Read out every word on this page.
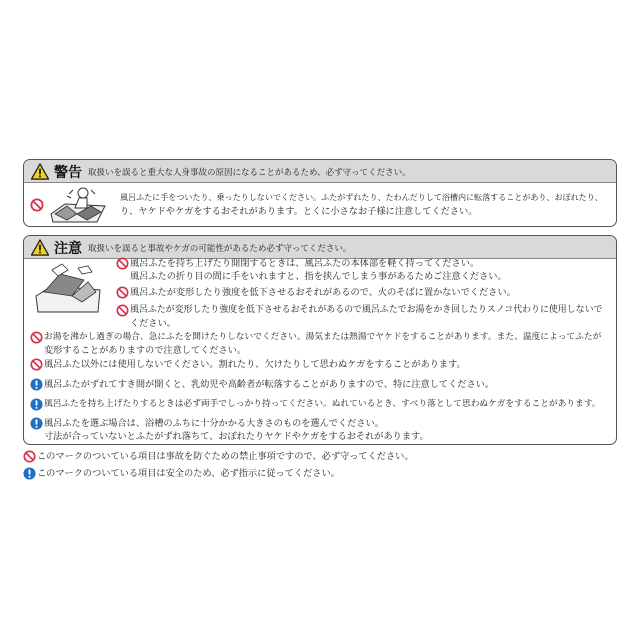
警告 取扱いを誤ると重大な人身事故の原因になることがあるため、必ず守ってください。
風呂ふたに手をついたり、乗ったりしないでください。ふたがずれたり、たわんだりして浴槽内に転落することがあり、おぼれたり、
り、ヤケドやケガをするおそれがあります。とくに小さなお子様に注意してください。
注意 取扱いを誤ると事故やケガの可能性があるため必ず守ってください。
風呂ふたを持ち上げたり開閉するときは、風呂ふたの本体部を軽く持ってください。
風呂ふたの折り目の間に手をいれますと、指を挟んでしまう事があるためご注意ください。
風呂ふたが変形したり強度を低下させるおそれがあるので、火のそばに置かないでください。
風呂ふたが変形したり強度を低下させるおそれがあるので風呂ふたでお湯をかき回したりスノコ代わりに使用しないで
ください。
お湯を沸かし過ぎの場合、急にふたを開けたりしないでください。湯気または熱湯でヤケドをすることがあります。また、温度によってふたが
変形することがありますので注意してください。
風呂ふた以外には使用しないでください。割れたり、欠けたりして思わぬケガをすることがあります。
風呂ふたがずれてすき間が開くと、乳幼児や高齢者が転落することがありますので、特に注意してください。
風呂ふたを持ち上げたりするときは必ず両手でしっかり持ってください。ぬれているとき、すべり落として思わぬケガをすることがあります。
風呂ふたを選ぶ場合は、浴槽のふちに十分かかる大きさのものを選んでください。
寸法が合っていないとふたがずれ落ちて、おぼれたりヤケドやケガをするおそれがあります。
このマークのついている項目は事故を防ぐための禁止事項ですので、必ず守ってください。
このマークのついている項目は安全のため、必ず指示に従ってください。
